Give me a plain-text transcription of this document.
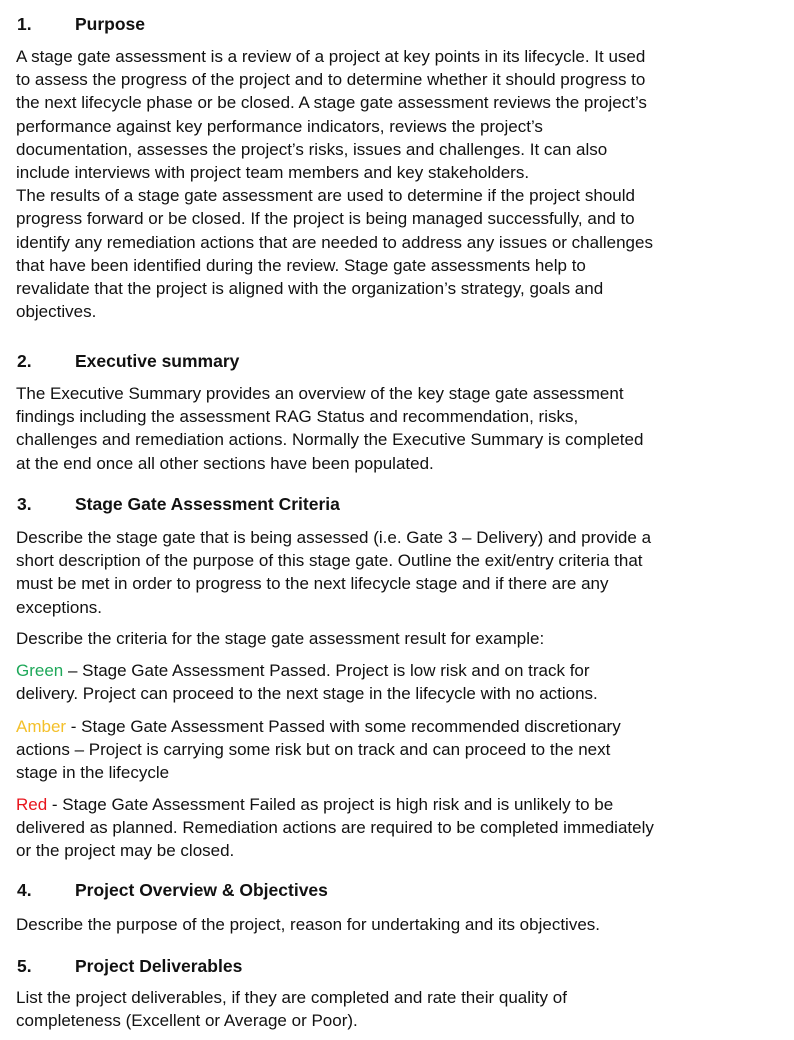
1. Purpose
A stage gate assessment is a review of a project at key points in its lifecycle. It used
to assess the progress of the project and to determine whether it should progress to
the next lifecycle phase or be closed. A stage gate assessment reviews the project’s
performance against key performance indicators, reviews the project’s
documentation, assesses the project’s risks, issues and challenges. It can also
include interviews with project team members and key stakeholders.
The results of a stage gate assessment are used to determine if the project should
progress forward or be closed. If the project is being managed successfully, and to
identify any remediation actions that are needed to address any issues or challenges
that have been identified during the review. Stage gate assessments help to
revalidate that the project is aligned with the organization’s strategy, goals and
objectives.
2. Executive summary
The Executive Summary provides an overview of the key stage gate assessment
findings including the assessment RAG Status and recommendation, risks,
challenges and remediation actions. Normally the Executive Summary is completed
at the end once all other sections have been populated.
3. Stage Gate Assessment Criteria
Describe the stage gate that is being assessed (i.e. Gate 3 – Delivery) and provide a
short description of the purpose of this stage gate. Outline the exit/entry criteria that
must be met in order to progress to the next lifecycle stage and if there are any
exceptions.
Describe the criteria for the stage gate assessment result for example:
Green – Stage Gate Assessment Passed. Project is low risk and on track for
delivery. Project can proceed to the next stage in the lifecycle with no actions.
Amber - Stage Gate Assessment Passed with some recommended discretionary
actions – Project is carrying some risk but on track and can proceed to the next
stage in the lifecycle
Red - Stage Gate Assessment Failed as project is high risk and is unlikely to be
delivered as planned. Remediation actions are required to be completed immediately
or the project may be closed.
4. Project Overview & Objectives
Describe the purpose of the project, reason for undertaking and its objectives.
5. Project Deliverables
List the project deliverables, if they are completed and rate their quality of
completeness (Excellent or Average or Poor).
